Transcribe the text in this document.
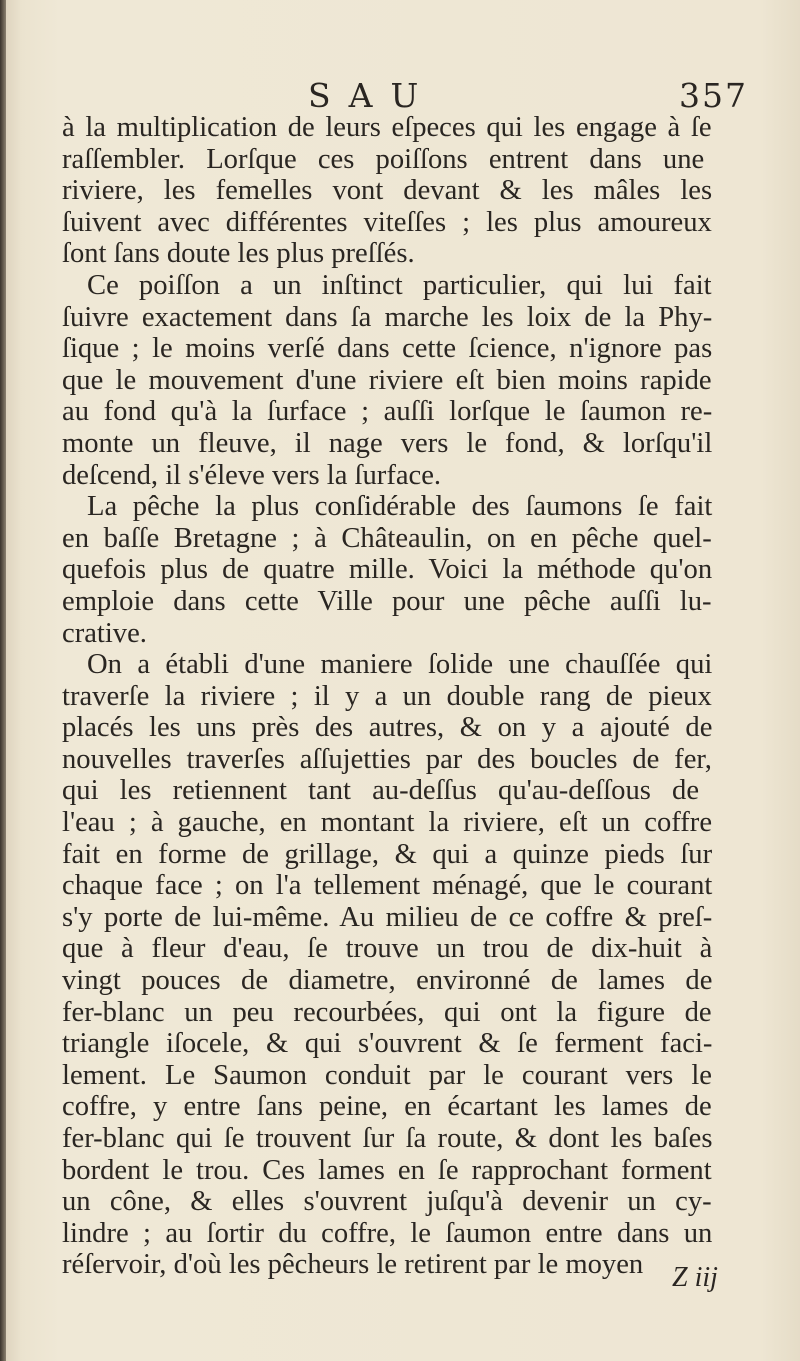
SAU	357
à la multiplication de leurs eſpeces qui les engage à ſe
raſſembler. Lorſque ces poiſſons entrent dans une
riviere, les femelles vont devant & les mâles les
ſuivent avec différentes viteſſes ; les plus amoureux
ſont ſans doute les plus preſſés.
Ce poiſſon a un inſtinct particulier, qui lui fait
ſuivre exactement dans ſa marche les loix de la Phy-
ſique ; le moins verſé dans cette ſcience, n'ignore pas
que le mouvement d'une riviere eſt bien moins rapide
au fond qu'à la ſurface ; auſſi lorſque le ſaumon re-
monte un fleuve, il nage vers le fond, & lorſqu'il
deſcend, il s'éleve vers la ſurface.
La pêche la plus conſidérable des ſaumons ſe fait
en baſſe Bretagne ; à Châteaulin, on en pêche quel-
quefois plus de quatre mille. Voici la méthode qu'on
emploie dans cette Ville pour une pêche auſſi lu-
crative.
On a établi d'une maniere ſolide une chauſſée qui
traverſe la riviere ; il y a un double rang de pieux
placés les uns près des autres, & on y a ajouté de
nouvelles traverſes aſſujetties par des boucles de fer,
qui les retiennent tant au-deſſus qu'au-deſſous de
l'eau ; à gauche, en montant la riviere, eſt un coffre
fait en forme de grillage, & qui a quinze pieds ſur
chaque face ; on l'a tellement ménagé, que le courant
s'y porte de lui-même. Au milieu de ce coffre & preſ-
que à fleur d'eau, ſe trouve un trou de dix-huit à
vingt pouces de diametre, environné de lames de
fer-blanc un peu recourbées, qui ont la figure de
triangle iſocele, & qui s'ouvrent & ſe ferment faci-
lement. Le Saumon conduit par le courant vers le
coffre, y entre ſans peine, en écartant les lames de
fer-blanc qui ſe trouvent ſur ſa route, & dont les baſes
bordent le trou. Ces lames en ſe rapprochant forment
un cône, & elles s'ouvrent juſqu'à devenir un cy-
lindre ; au ſortir du coffre, le ſaumon entre dans un
réſervoir, d'où les pêcheurs le retirent par le moyen	Z iij
